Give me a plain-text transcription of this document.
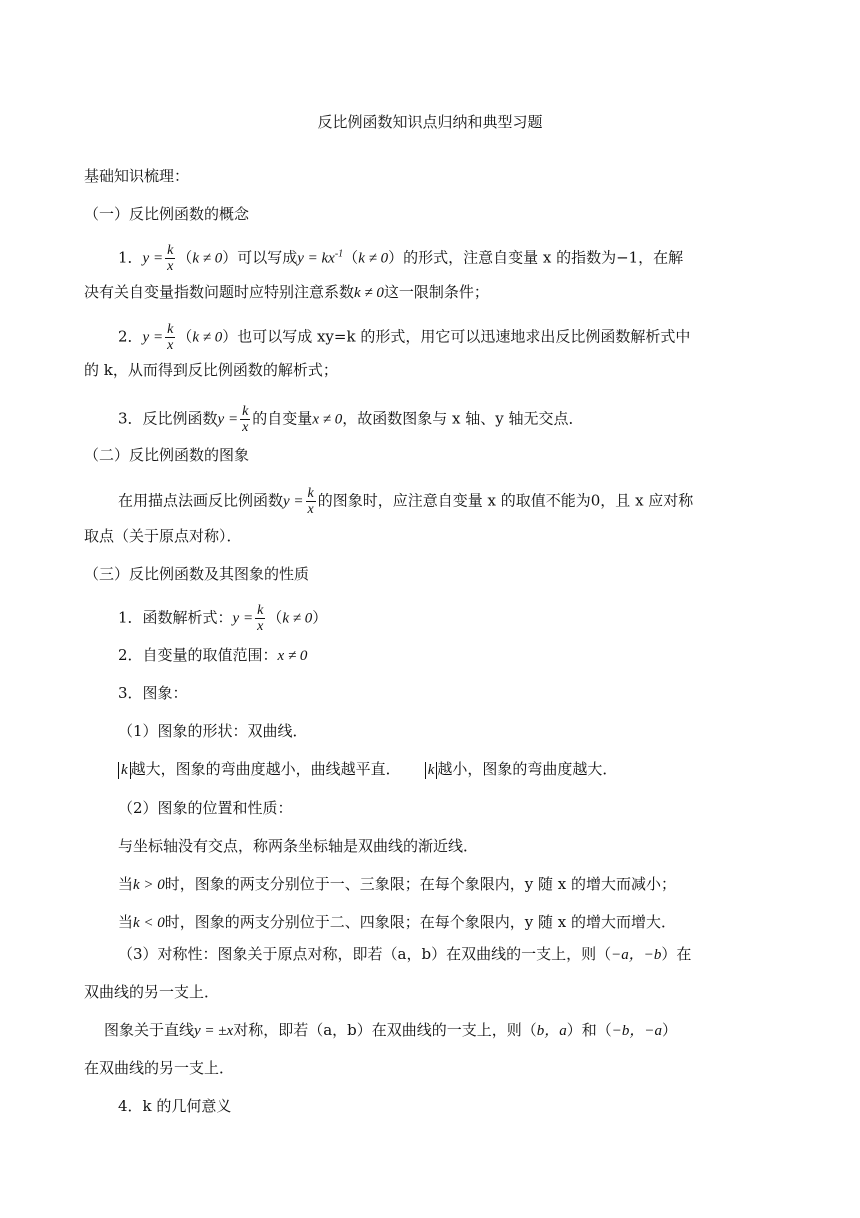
反比例函数知识点归纳和典型习题
基础知识梳理：
（一）反比例函数的概念
1．$y = \frac{k}{x} (k \ne 0)$可以写成$y = kx^{-1}(k \ne 0)$的形式，注意自变量 x 的指数为−1，在解
决有关自变量指数问题时应特别注意系数k ≠ 0这一限制条件；
2．$y = \frac{k}{x} (k \ne 0)$也可以写成 xy=k 的形式，用它可以迅速地求出反比例函数解析式中
的 k，从而得到反比例函数的解析式；
3．反比例函数$y = \frac{k}{x}$ 的自变量x ≠ 0，故函数图象与 x 轴、y 轴无交点．
（二）反比例函数的图象
在用描点法画反比例函数$y = \frac{k}{x}$ 的图象时，应注意自变量 x 的取值不能为0，且 x 应对称
取点（关于原点对称）．
（三）反比例函数及其图象的性质
1．函数解析式：$y = \frac{k}{x} (k \ne 0)$
2．自变量的取值范围：x ≠ 0
3．图象：
（1）图象的形状：双曲线．
k 越大，图象的弯曲度越小，曲线越平直． k 越小，图象的弯曲度越大．
（2）图象的位置和性质：
与坐标轴没有交点，称两条坐标轴是双曲线的渐近线．
当k > 0时，图象的两支分别位于一、三象限；在每个象限内，y 随 x 的增大而减小；
当k < 0时，图象的两支分别位于二、四象限；在每个象限内，y 随 x 的增大而增大．
（3）对称性：图象关于原点对称，即若（a，b）在双曲线的一支上，则（−a，−b）在
双曲线的另一支上．
图象关于直线y = ±x对称，即若（a，b）在双曲线的一支上，则（b，a）和（−b，−a）
在双曲线的另一支上．
4．k 的几何意义
